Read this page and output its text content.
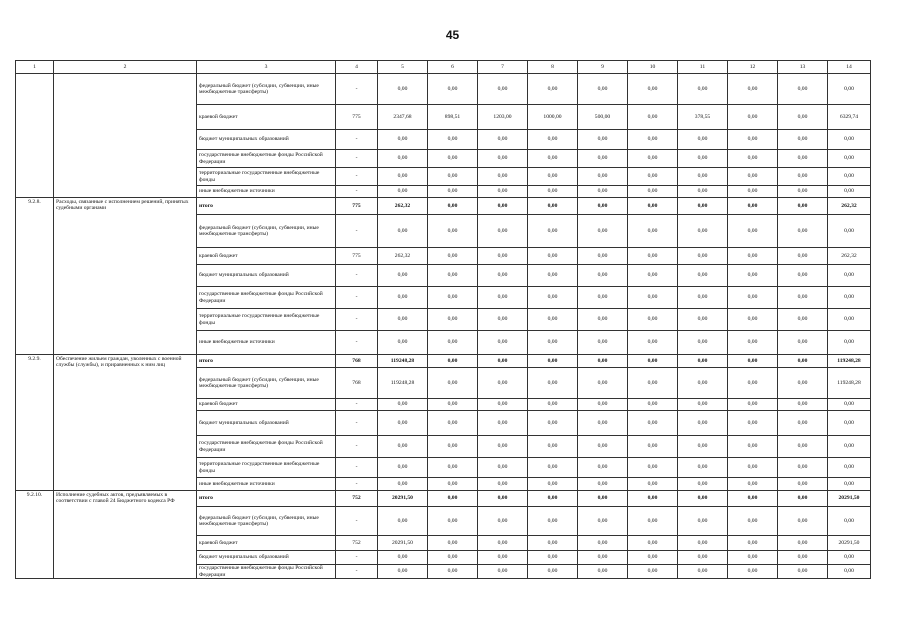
45
1	2	3	4	5	6	7	8	9	10	11	12	13	14
		федеральный бюджет (субсидии, субвенции, иные межбюджетные трансферты)	-	0,00	0,00	0,00	0,00	0,00	0,00	0,00	0,00	0,00	0,00
		краевой бюджет	775	2347,68	898,51	1203,00	1000,00	500,00	0,00	378,55	0,00	0,00	6329,74
		бюджет муниципальных образований	-	0,00	0,00	0,00	0,00	0,00	0,00	0,00	0,00	0,00	0,00
		государственные внебюджетные фонды Российской Федерации	-	0,00	0,00	0,00	0,00	0,00	0,00	0,00	0,00	0,00	0,00
		территориальные государственные внебюджетные фонды	-	0,00	0,00	0,00	0,00	0,00	0,00	0,00	0,00	0,00	0,00
		иные внебюджетные источники	-	0,00	0,00	0,00	0,00	0,00	0,00	0,00	0,00	0,00	0,00
9.2.8.	Расходы, связанные с исполнением решений, принятых судебными органами	итого	775	262,32	0,00	0,00	0,00	0,00	0,00	0,00	0,00	0,00	262,32
		федеральный бюджет (субсидии, субвенции, иные межбюджетные трансферты)	-	0,00	0,00	0,00	0,00	0,00	0,00	0,00	0,00	0,00	0,00
		краевой бюджет	775	262,32	0,00	0,00	0,00	0,00	0,00	0,00	0,00	0,00	262,32
		бюджет муниципальных образований	-	0,00	0,00	0,00	0,00	0,00	0,00	0,00	0,00	0,00	0,00
		государственные внебюджетные фонды Российской Федерации	-	0,00	0,00	0,00	0,00	0,00	0,00	0,00	0,00	0,00	0,00
		территориальные государственные внебюджетные фонды	-	0,00	0,00	0,00	0,00	0,00	0,00	0,00	0,00	0,00	0,00
		иные внебюджетные источники	-	0,00	0,00	0,00	0,00	0,00	0,00	0,00	0,00	0,00	0,00
9.2.9.	Обеспечение жильем граждан, уволенных с военной службы (службы), и приравненных к ним лиц	итого	768	119248,28	0,00	0,00	0,00	0,00	0,00	0,00	0,00	0,00	119248,28
		федеральный бюджет (субсидии, субвенции, иные межбюджетные трансферты)	768	119248,28	0,00	0,00	0,00	0,00	0,00	0,00	0,00	0,00	119248,28
		краевой бюджет	-	0,00	0,00	0,00	0,00	0,00	0,00	0,00	0,00	0,00	0,00
		бюджет муниципальных образований	-	0,00	0,00	0,00	0,00	0,00	0,00	0,00	0,00	0,00	0,00
		государственные внебюджетные фонды Российской Федерации	-	0,00	0,00	0,00	0,00	0,00	0,00	0,00	0,00	0,00	0,00
		территориальные государственные внебюджетные фонды	-	0,00	0,00	0,00	0,00	0,00	0,00	0,00	0,00	0,00	0,00
		иные внебюджетные источники	-	0,00	0,00	0,00	0,00	0,00	0,00	0,00	0,00	0,00	0,00
9.2.10.	Исполнение судебных актов, предъявляемых в соответствии с главой 24 Бюджетного кодекса РФ	итого	752	20291,50	0,00	0,00	0,00	0,00	0,00	0,00	0,00	0,00	20291,50
		федеральный бюджет (субсидии, субвенции, иные межбюджетные трансферты)	-	0,00	0,00	0,00	0,00	0,00	0,00	0,00	0,00	0,00	0,00
		краевой бюджет	752	20291,50	0,00	0,00	0,00	0,00	0,00	0,00	0,00	0,00	20291,50
		бюджет муниципальных образований	-	0,00	0,00	0,00	0,00	0,00	0,00	0,00	0,00	0,00	0,00
		государственные внебюджетные фонды Российской Федерации	-	0,00	0,00	0,00	0,00	0,00	0,00	0,00	0,00	0,00	0,00
